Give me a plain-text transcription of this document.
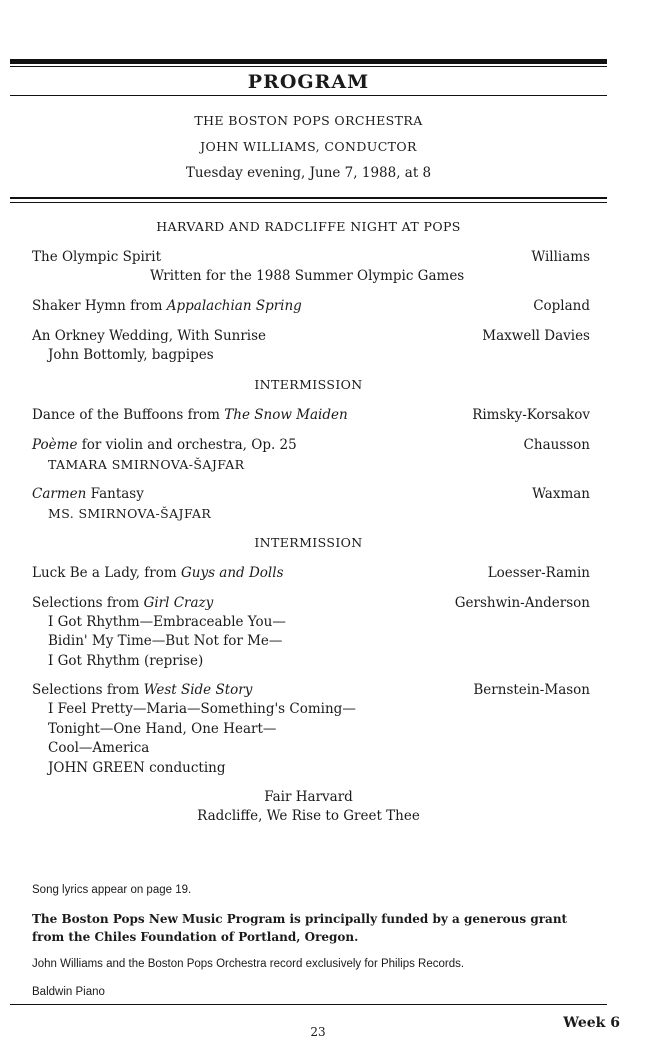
PROGRAM
THE BOSTON POPS ORCHESTRA
JOHN WILLIAMS, CONDUCTOR
Tuesday evening, June 7, 1988, at 8
HARVARD AND RADCLIFFE NIGHT AT POPS
The Olympic Spirit	Williams
Written for the 1988 Summer Olympic Games
Shaker Hymn from Appalachian Spring	Copland
An Orkney Wedding, With Sunrise	Maxwell Davies
John Bottomly, bagpipes
INTERMISSION
Dance of the Buffoons from The Snow Maiden	Rimsky-Korsakov
Poème for violin and orchestra, Op. 25	Chausson
TAMARA SMIRNOVA-ŠAJFAR
Carmen Fantasy	Waxman
MS. SMIRNOVA-ŠAJFAR
INTERMISSION
Luck Be a Lady, from Guys and Dolls	Loesser-Ramin
Selections from Girl Crazy	Gershwin-Anderson
I Got Rhythm—Embraceable You—
Bidin' My Time—But Not for Me—
I Got Rhythm (reprise)
Selections from West Side Story	Bernstein-Mason
I Feel Pretty—Maria—Something's Coming—
Tonight—One Hand, One Heart—
Cool—America
JOHN GREEN conducting
Fair Harvard
Radcliffe, We Rise to Greet Thee
Song lyrics appear on page 19.
The Boston Pops New Music Program is principally funded by a generous grant
from the Chiles Foundation of Portland, Oregon.
John Williams and the Boston Pops Orchestra record exclusively for Philips Records.
Baldwin Piano
23
Week 6
